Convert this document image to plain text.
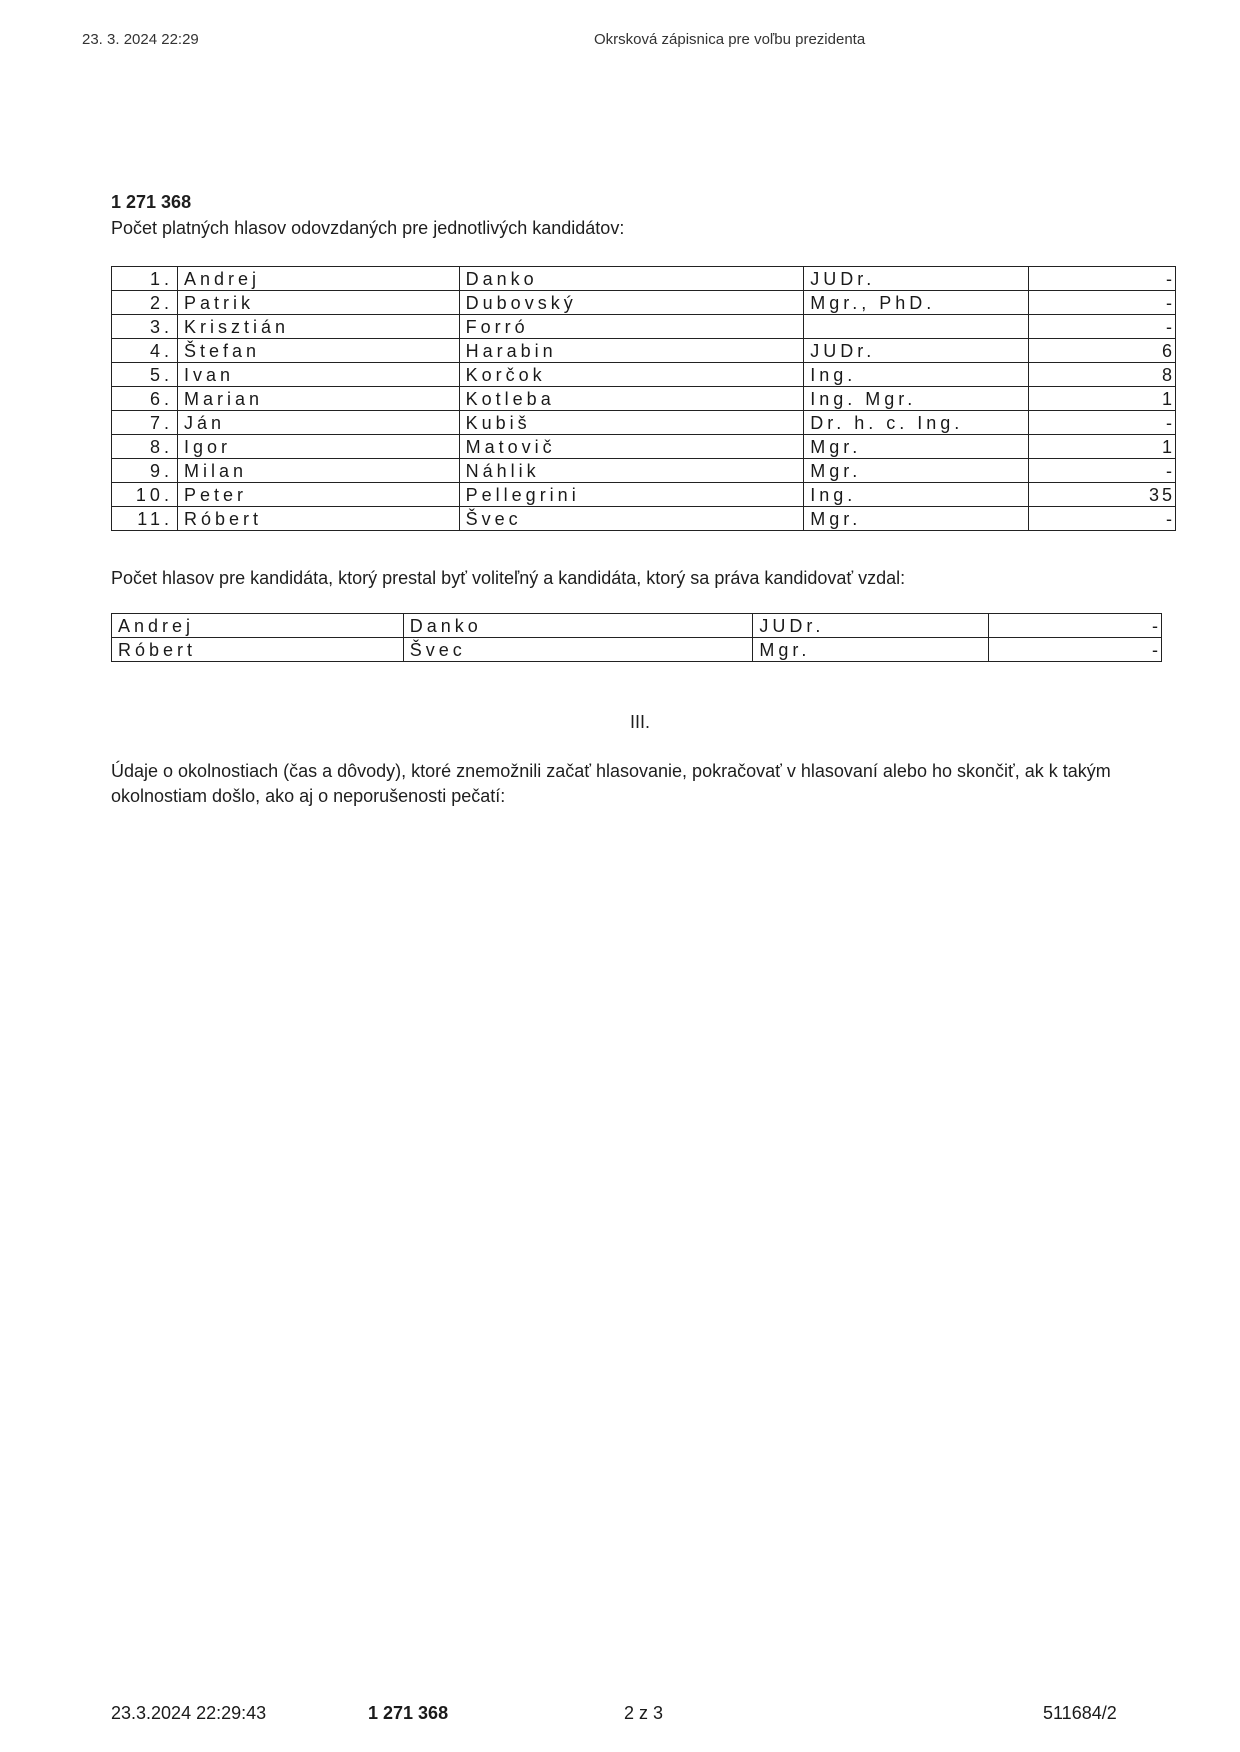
23. 3. 2024 22:29	Okrsková zápisnica pre voľbu prezidenta
1 271 368
Počet platných hlasov odovzdaných pre jednotlivých kandidátov:
1.	Andrej	Danko	JUDr.	-
2.	Patrik	Dubovský	Mgr., PhD.	-
3.	Krisztián	Forró		-
4.	Štefan	Harabin	JUDr.	6
5.	Ivan	Korčok	Ing.	8
6.	Marian	Kotleba	Ing. Mgr.	1
7.	Ján	Kubiš	Dr. h. c. Ing.	-
8.	Igor	Matovič	Mgr.	1
9.	Milan	Náhlik	Mgr.	-
10.	Peter	Pellegrini	Ing.	35
11.	Róbert	Švec	Mgr.	-
Počet hlasov pre kandidáta, ktorý prestal byť voliteľný a kandidáta, ktorý sa práva kandidovať vzdal:
Andrej	Danko	JUDr.	-
Róbert	Švec	Mgr.	-
III.
Údaje o okolnostiach (čas a dôvody), ktoré znemožnili začať hlasovanie, pokračovať v hlasovaní alebo ho skončiť, ak k takým okolnostiam došlo, ako aj o neporušenosti pečatí:
23.3.2024 22:29:43	1 271 368	2 z 3	511684/2
